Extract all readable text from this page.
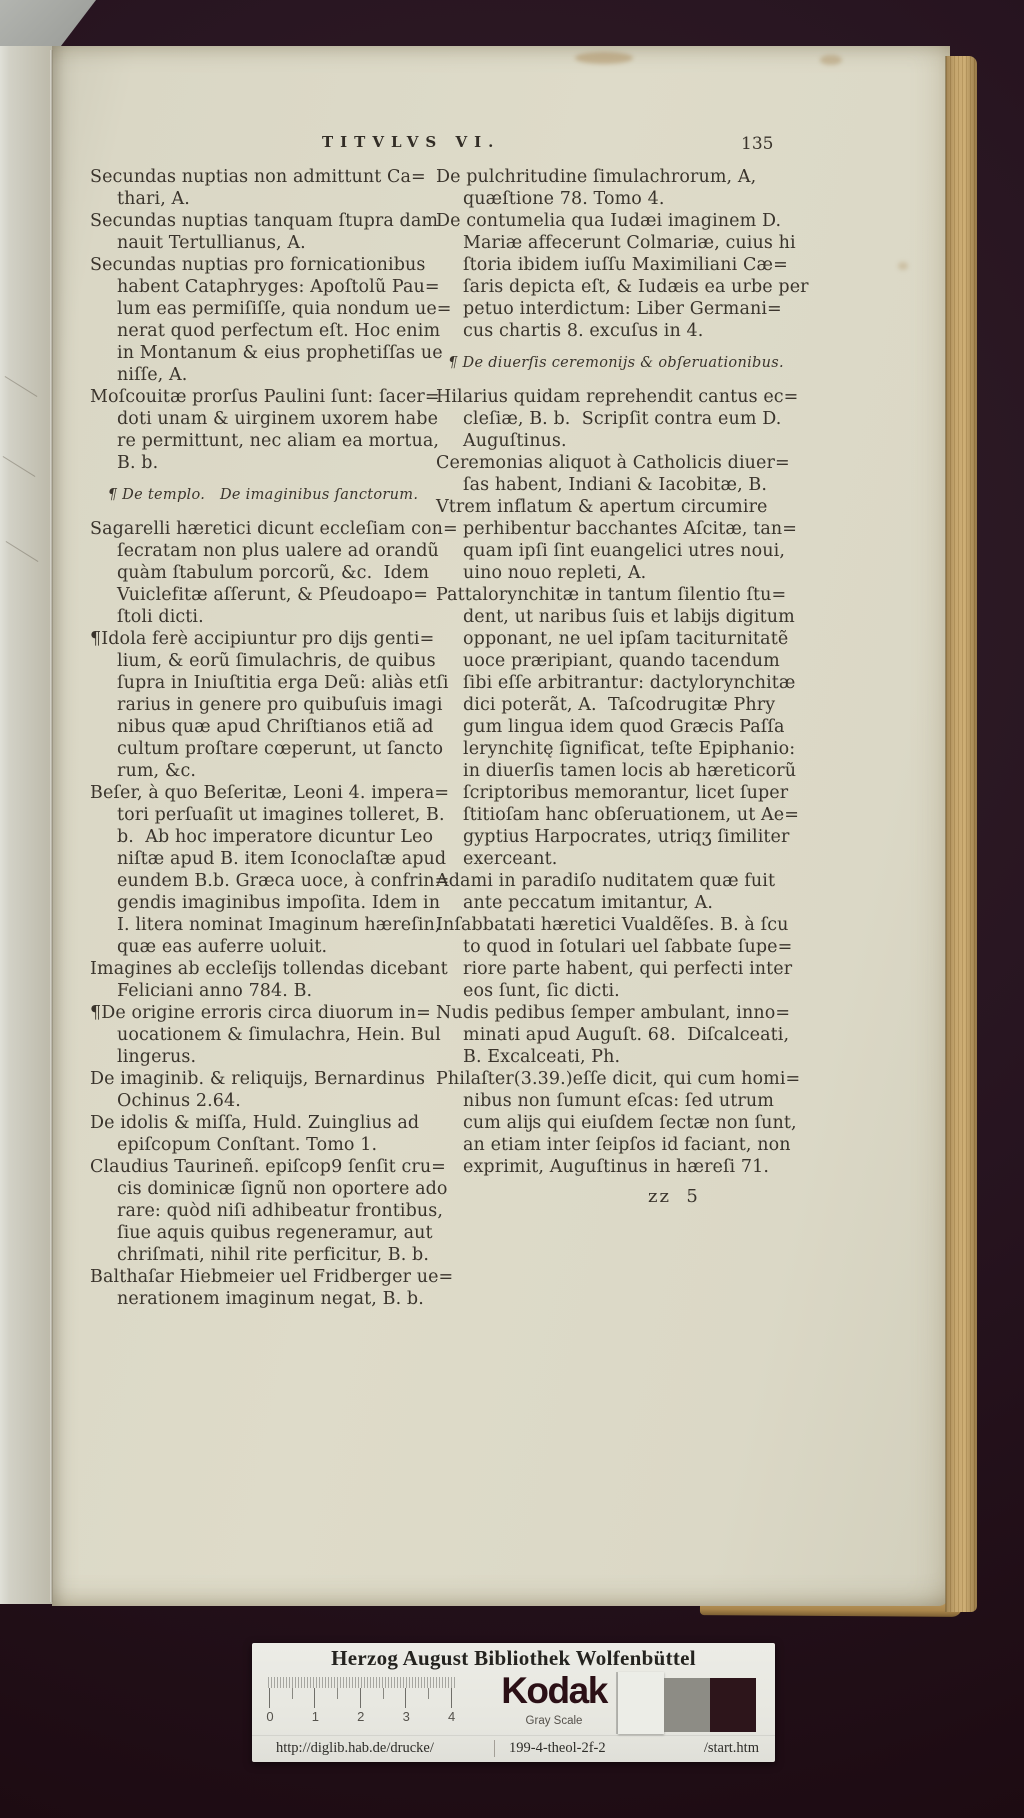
TITVLVS VI.	135
Secundas nuptias non admittunt Ca=
thari, A.
Secundas nuptias tanquam ſtupra dam
nauit Tertullianus, A.
Secundas nuptias pro fornicationibus
habent Cataphryges: Apoſtolũ Pau=
lum eas permiſiſſe, quia nondum ue=
nerat quod perfectum eſt. Hoc enim
in Montanum & eius prophetiſſas ue
niſſe, A.
Moſcouitæ prorſus Paulini ſunt: ſacer=
doti unam & uirginem uxorem habe
re permittunt, nec aliam ea mortua,
B. b.
¶ De templo. De imaginibus ſanctorum.
Sagarelli hæretici dicunt eccleſiam con=
ſecratam non plus ualere ad orandũ
quàm ſtabulum porcorũ, &c.  Idem
Vuiclefitæ aſſerunt, & Pſeudoapo=
ſtoli dicti.
¶Idola ferè accipiuntur pro dĳs genti=
lium, & eorũ ſimulachris, de quibus
ſupra in Iniuſtitia erga Deũ: aliàs etſi
rarius in genere pro quibuſuis imagi
nibus quæ apud Chriſtianos etiã ad
cultum proſtare cœperunt, ut ſancto
rum, &c.
Beſer, à quo Beſeritæ, Leoni 4. impera=
tori perſuaſit ut imagines tolleret, B.
b.  Ab hoc imperatore dicuntur Leo
niſtæ apud B. item Iconoclaſtæ apud
eundem B.b. Græca uoce, à confrin=
gendis imaginibus impoſita. Idem in
I. litera nominat Imaginum hæreſin,
quæ eas auferre uoluit.
Imagines ab eccleſĳs tollendas dicebant
Feliciani anno 784. B.
¶De origine erroris circa diuorum in=
uocationem & ſimulachra, Hein. Bul
lingerus.
De imaginib. & reliquĳs, Bernardinus
Ochinus 2.64.
De idolis & miſſa, Huld. Zuinglius ad
epiſcopum Conſtant. Tomo 1.
Claudius Taurineñ. epiſcop9 ſenſit cru=
cis dominicæ ſignũ non oportere ado
rare: quòd niſi adhibeatur frontibus,
ſiue aquis quibus regeneramur, aut
chriſmati, nihil rite perficitur, B. b.
Balthaſar Hiebmeier uel Fridberger ue=
nerationem imaginum negat, B. b.
De pulchritudine ſimulachrorum, A,
quæſtione 78. Tomo 4.
De contumelia qua Iudæi imaginem D.
Mariæ affecerunt Colmariæ, cuius hi
ſtoria ibidem iuſſu Maximiliani Cæ=
ſaris depicta eſt, & Iudæis ea urbe per
petuo interdictum: Liber Germani=
cus chartis 8. excuſus in 4.
¶ De diuerſis ceremonijs & obſeruationibus.
Hilarius quidam reprehendit cantus ec=
cleſiæ, B. b.  Scripſit contra eum D.
Auguſtinus.
Ceremonias aliquot à Catholicis diuer=
ſas habent, Indiani & Iacobitæ, B.
Vtrem inflatum & apertum circumire
perhibentur bacchantes Aſcitæ, tan=
quam ipſi ſint euangelici utres noui,
uino nouo repleti, A.
Pattalorynchitæ in tantum ſilentio ſtu=
dent, ut naribus ſuis et labĳs digitum
opponant, ne uel ipſam taciturnitatẽ
uoce præripiant, quando tacendum
ſibi eſſe arbitrantur: dactylorynchitæ
dici poterãt, A.  Taſcodrugitæ Phry
gum lingua idem quod Græcis Paſſa
lerynchitę ſignificat, teſte Epiphanio:
in diuerſis tamen locis ab hæreticorũ
ſcriptoribus memorantur, licet ſuper
ſtitioſam hanc obſeruationem, ut Ae=
gyptius Harpocrates, utriqʒ ſimiliter
exerceant.
Adami in paradiſo nuditatem quæ fuit
ante peccatum imitantur, A.
Inſabbatati hæretici Vualdẽſes. B. à ſcu
to quod in ſotulari uel ſabbate ſupe=
riore parte habent, qui perfecti inter
eos ſunt, ſic dicti.
Nudis pedibus ſemper ambulant, inno=
minati apud Auguſt. 68.  Diſcalceati,
B. Excalceati, Ph.
Philaſter(3.39.)eſſe dicit, qui cum homi=
nibus non ſumunt eſcas: ſed utrum
cum alĳs qui eiuſdem ſectæ non ſunt,
an etiam inter ſeipſos id faciant, non
exprimit, Auguſtinus in hæreſi 71.
zz  5
Herzog August Bibliothek Wolfenbüttel
0	1	2	3	4
Kodak
Gray Scale
http://diglib.hab.de/drucke/	199-4-theol-2f-2	/start.htm
